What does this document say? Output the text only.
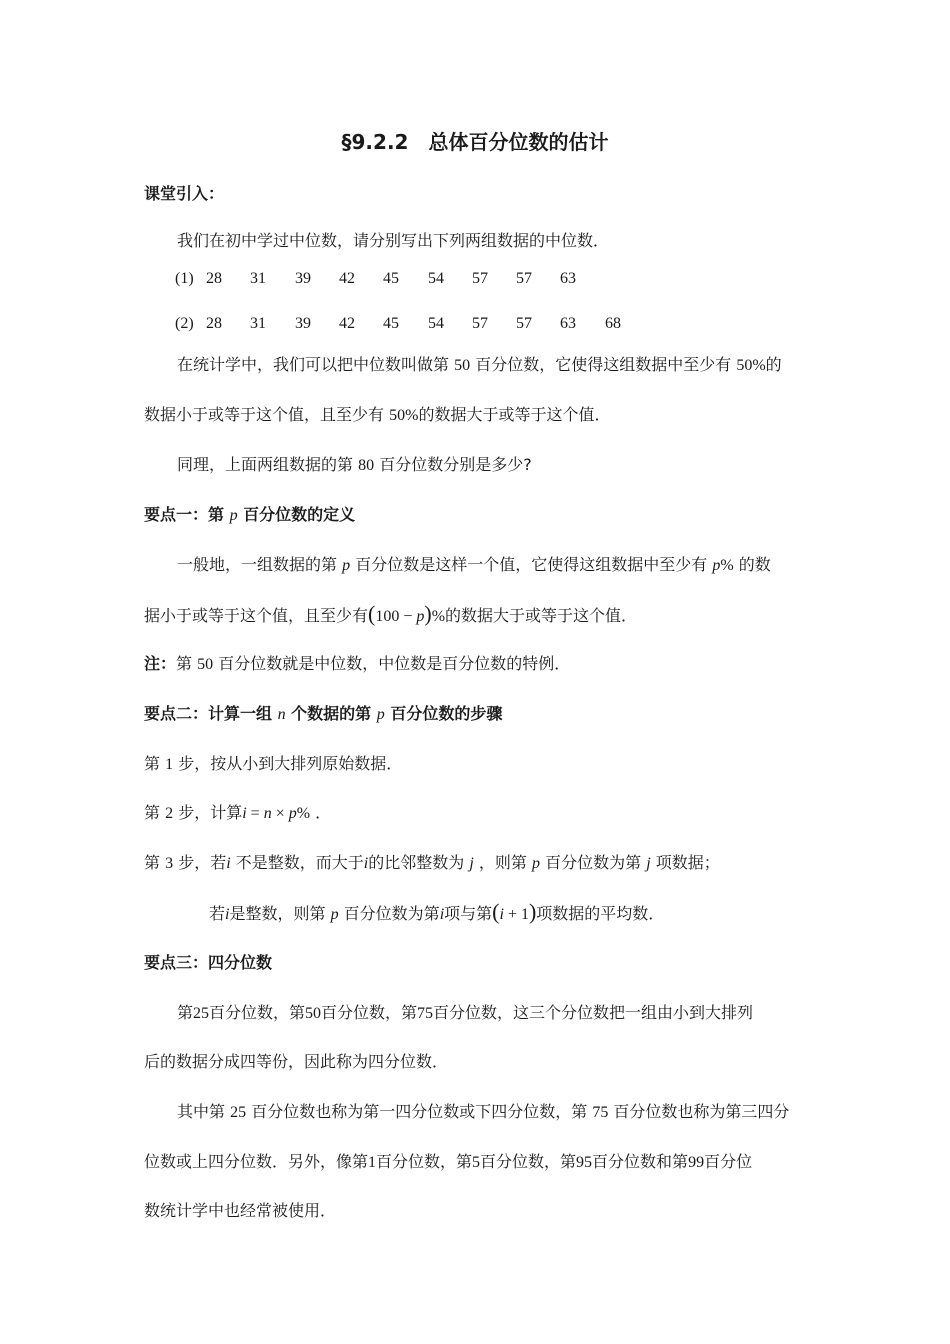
§9.2.2　总体百分位数的估计
课堂引入：
我们在初中学过中位数，请分别写出下列两组数据的中位数．
(1) 28 31 39 42 45 54 57 57 63
(2) 28 31 39 42 45 54 57 57 63 68
在统计学中，我们可以把中位数叫做第 50 百分位数，它使得这组数据中至少有 50%的
数据小于或等于这个值，且至少有 50%的数据大于或等于这个值．
同理，上面两组数据的第 80 百分位数分别是多少?
要点一：第 p 百分位数的定义
一般地，一组数据的第 p 百分位数是这样一个值，它使得这组数据中至少有 p% 的数
据小于或等于这个值，且至少有(100 − p)%的数据大于或等于这个值．
注：第 50 百分位数就是中位数，中位数是百分位数的特例．
要点二：计算一组 n 个数据的第 p 百分位数的步骤
第 1 步，按从小到大排列原始数据．
第 2 步，计算i = n × p% ．
第 3 步，若i 不是整数，而大于i的比邻整数为 j ，则第 p 百分位数为第 j 项数据；
若i是整数，则第 p 百分位数为第i项与第(i + 1)项数据的平均数．
要点三：四分位数
第25百分位数，第50百分位数，第75百分位数，这三个分位数把一组由小到大排列
后的数据分成四等份，因此称为四分位数．
其中第 25 百分位数也称为第一四分位数或下四分位数，第 75 百分位数也称为第三四分
位数或上四分位数．另外，像第1百分位数，第5百分位数，第95百分位数和第99百分位
数统计学中也经常被使用．
